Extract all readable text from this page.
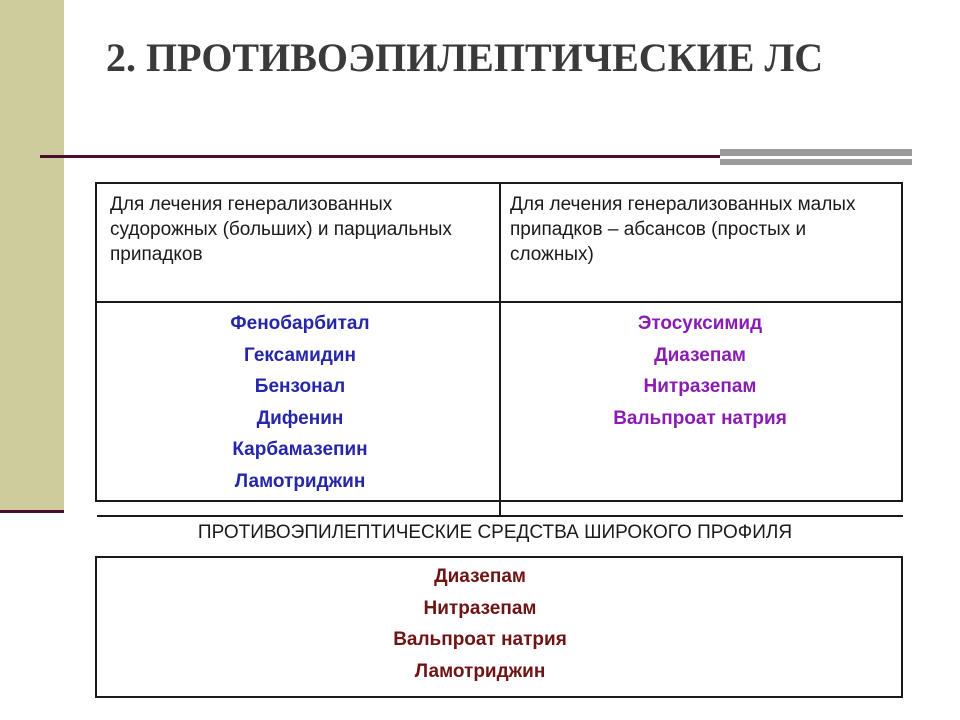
2. ПРОТИВОЭПИЛЕПТИЧЕСКИЕ ЛС
Для лечения генерализованных судорожных (больших) и парциальных припадков
Для лечения генерализованных малых припадков – абсансов (простых и сложных)
Фенобарбитал
Гексамидин
Бензонал
Дифенин
Карбамазепин
Ламотриджин
Этосуксимид
Диазепам
Нитразепам
Вальпроат натрия
ПРОТИВОЭПИЛЕПТИЧЕСКИЕ СРЕДСТВА ШИРОКОГО ПРОФИЛЯ
Диазепам
Нитразепам
Вальпроат натрия
Ламотриджин
